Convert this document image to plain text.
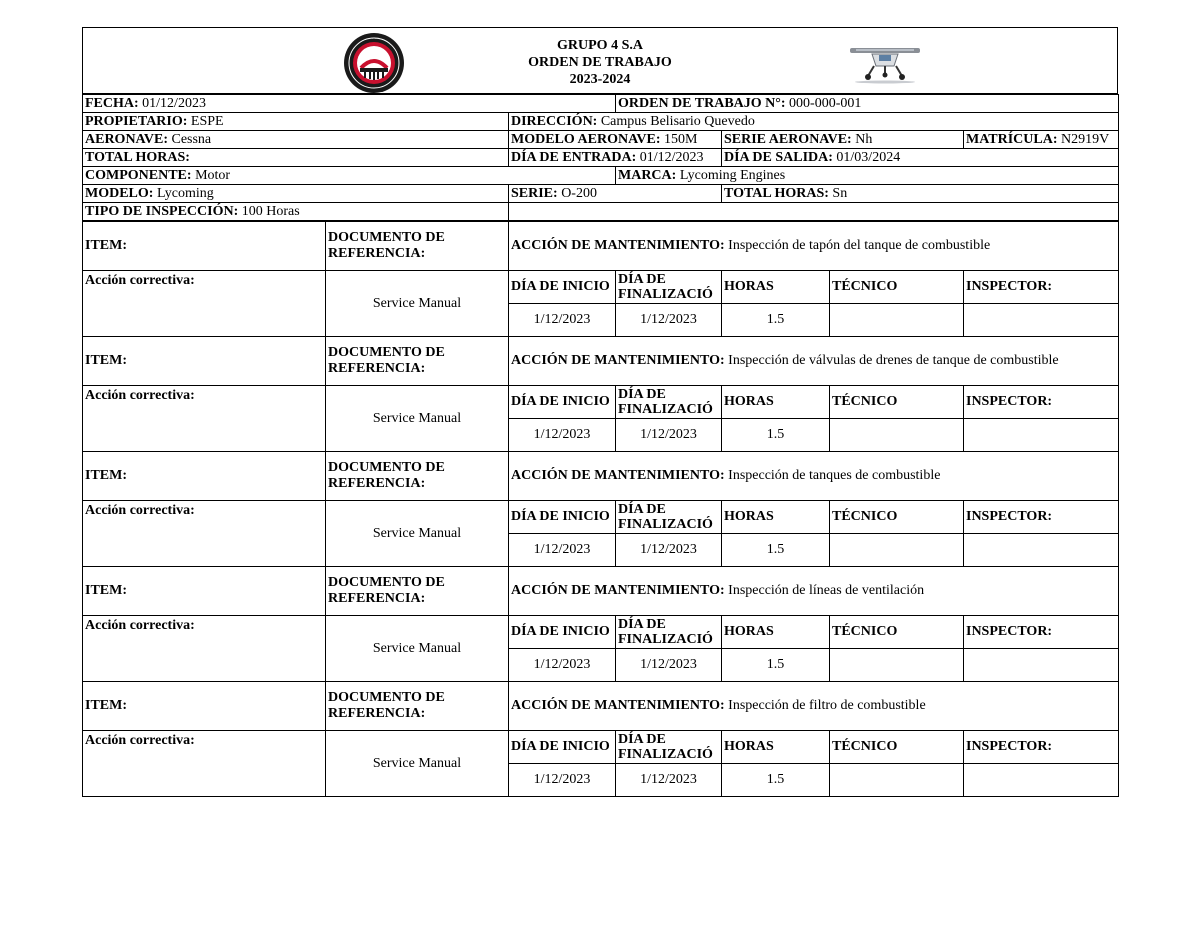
· · · ·	GRUPO 4 S.A
ORDEN DE TRABAJO
2023-2024
FECHA: 01/12/2023		ORDEN DE TRABAJO N°: 000-000-001		
PROPIETARIO: ESPE	DIRECCIÓN: Campus Belisario Quevedo			
AERONAVE: Cessna	MODELO AERONAVE: 150M		SERIE AERONAVE: Nh	MATRÍCULA: N2919V
TOTAL HORAS:	DÍA DE ENTRADA: 01/12/2023		DÍA DE SALIDA: 01/03/2024	
COMPONENTE: Motor		MARCA: Lycoming Engines		
MODELO: Lycoming	SERIE: O-200		TOTAL HORAS: Sn	
TIPO DE INSPECCIÓN: 100 Horas				
ITEM:	DOCUMENTO DE REFERENCIA:	ACCIÓN DE MANTENIMIENTO: Inspección de tapón del tanque de combustible				
Acción correctiva:	Service Manual	DÍA DE INICIO	DÍA DE FINALIZACIÓ	HORAS	TÉCNICO	INSPECTOR:
		1/12/2023	1/12/2023	1.5		
ITEM:	DOCUMENTO DE REFERENCIA:	ACCIÓN DE MANTENIMIENTO: Inspección de válvulas de drenes de tanque de combustible				
Acción correctiva:	Service Manual	DÍA DE INICIO	DÍA DE FINALIZACIÓ	HORAS	TÉCNICO	INSPECTOR:
		1/12/2023	1/12/2023	1.5		
ITEM:	DOCUMENTO DE REFERENCIA:	ACCIÓN DE MANTENIMIENTO: Inspección de tanques de combustible				
Acción correctiva:	Service Manual	DÍA DE INICIO	DÍA DE FINALIZACIÓ	HORAS	TÉCNICO	INSPECTOR:
		1/12/2023	1/12/2023	1.5		
ITEM:	DOCUMENTO DE REFERENCIA:	ACCIÓN DE MANTENIMIENTO: Inspección de líneas de ventilación				
Acción correctiva:	Service Manual	DÍA DE INICIO	DÍA DE FINALIZACIÓ	HORAS	TÉCNICO	INSPECTOR:
		1/12/2023	1/12/2023	1.5		
ITEM:	DOCUMENTO DE REFERENCIA:	ACCIÓN DE MANTENIMIENTO: Inspección de filtro de combustible				
Acción correctiva:	Service Manual	DÍA DE INICIO	DÍA DE FINALIZACIÓ	HORAS	TÉCNICO	INSPECTOR:
		1/12/2023	1/12/2023	1.5		
